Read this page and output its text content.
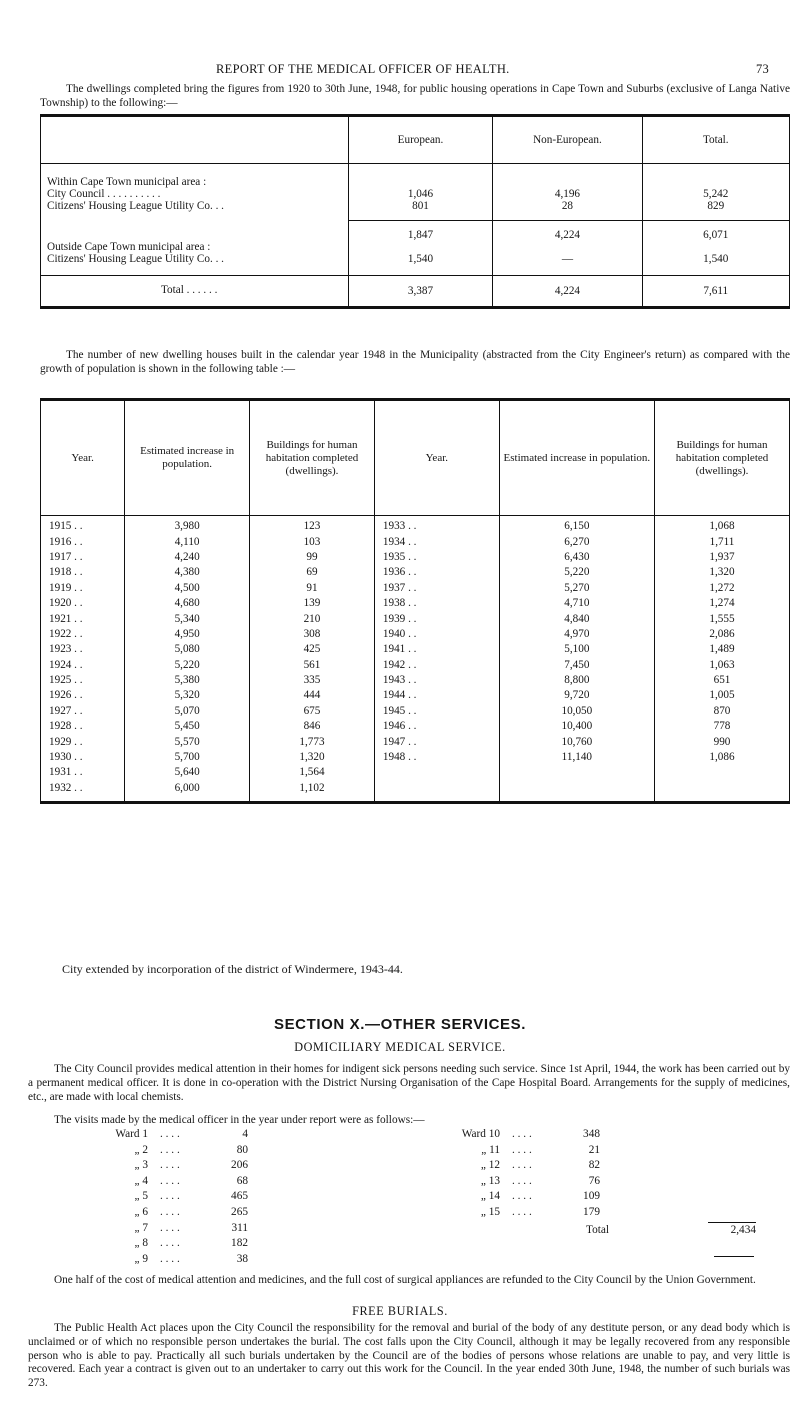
REPORT OF THE MEDICAL OFFICER OF HEALTH.	73

The dwellings completed bring the figures from 1920 to 30th June, 1948, for public housing operations in Cape Town and Suburbs (exclusive of Langa Native Township) to the following:—

	European.	Non-European.	Total.
Within Cape Town municipal area :			
City Council . . . . . . . . . .	1,046	4,196	5,242
Citizens' Housing League Utility Co. . .	801	28	829
	1,847	4,224	6,071
Outside Cape Town municipal area :			
Citizens' Housing League Utility Co. . .	1,540	—	1,540
Total . . . . . .	3,387	4,224	7,611

The number of new dwelling houses built in the calendar year 1948 in the Municipality (abstracted from the City Engineer's return) as compared with the growth of population is shown in the following table :—

Year.	Estimated increase in population.	Buildings for human habitation completed (dwellings).	Year.	Estimated increase in population.	Buildings for human habitation completed (dwellings).
1915 . .	3,980	123	1933 . .	6,150	1,068
1916 . .	4,110	103	1934 . .	6,270	1,711
1917 . .	4,240	99	1935 . .	6,430	1,937
1918 . .	4,380	69	1936 . .	5,220	1,320
1919 . .	4,500	91	1937 . .	5,270	1,272
1920 . .	4,680	139	1938 . .	4,710	1,274
1921 . .	5,340	210	1939 . .	4,840	1,555
1922 . .	4,950	308	1940 . .	4,970	2,086
1923 . .	5,080	425	1941 . .	5,100	1,489
1924 . .	5,220	561	1942 . .	7,450	1,063
1925 . .	5,380	335	1943 . .	8,800	651
1926 . .	5,320	444	1944 . .	9,720	1,005
1927 . .	5,070	675	1945 . .	10,050	870
1928 . .	5,450	846	1946 . .	10,400	778
1929 . .	5,570	1,773	1947 . .	10,760	990
1930 . .	5,700	1,320	1948 . .	11,140	1,086
1931 . .	5,640	1,564			
1932 . .	6,000	1,102			

City extended by incorporation of the district of Windermere, 1943-44.

SECTION X.—OTHER SERVICES.
DOMICILIARY MEDICAL SERVICE.

The City Council provides medical attention in their homes for indigent sick persons needing such service. Since 1st April, 1944, the work has been carried out by a permanent medical officer. It is done in co-operation with the District Nursing Organisation of the Cape Hospital Board. Arrangements for the supply of medicines, etc., are made with local chemists.

The visits made by the medical officer in the year under report were as follows:—

Ward 1	. . . .	4
„ 2	. . . .	80
„ 3	. . . .	206
„ 4	. . . .	68
„ 5	. . . .	465
„ 6	. . . .	265
„ 7	. . . .	311
„ 8	. . . .	182
„ 9	. . . .	38
Ward 10	. . . .	348
„ 11	. . . .	21
„ 12	. . . .	82
„ 13	. . . .	76
„ 14	. . . .	109
„ 15	. . . .	179
Total	2,434

One half of the cost of medical attention and medicines, and the full cost of surgical appliances are refunded to the City Council by the Union Government.

FREE BURIALS.

The Public Health Act places upon the City Council the responsibility for the removal and burial of the body of any destitute person, or any dead body which is unclaimed or of which no responsible person undertakes the burial. The cost falls upon the City Council, although it may be legally recovered from any responsible person who is able to pay. Practically all such burials undertaken by the Council are of the bodies of persons whose relations are unable to pay, and very little is recovered. Each year a contract is given out to an undertaker to carry out this work for the Council. In the year ended 30th June, 1948, the number of such burials was 273.
